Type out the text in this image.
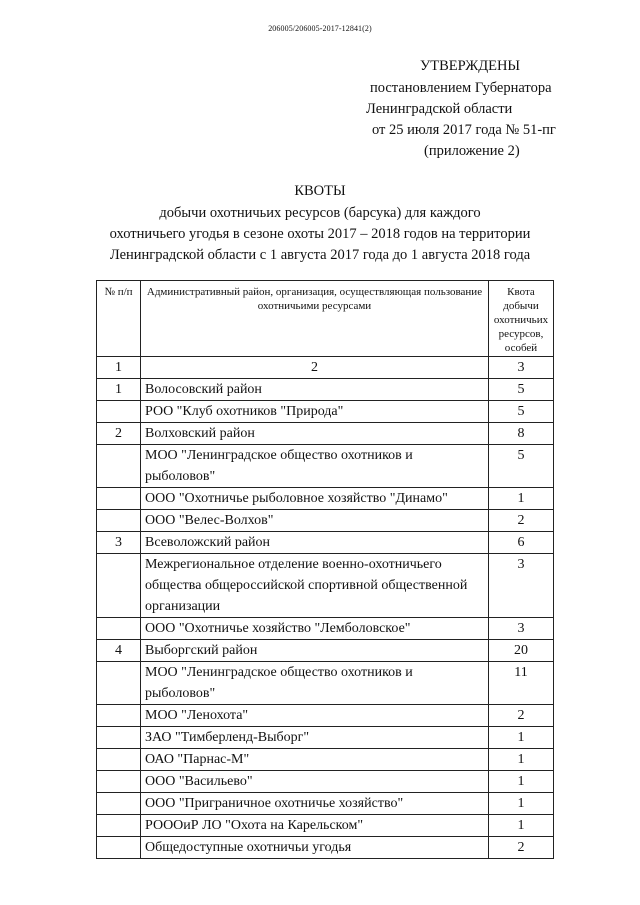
206005/206005-2017-12841(2)
УТВЕРЖДЕНЫ
постановлением Губернатора
Ленинградской области
от 25 июля 2017 года № 51-пг
(приложение 2)
КВОТЫ
добычи охотничьих ресурсов (барсука) для каждого
охотничьего угодья в сезоне охоты 2017 – 2018 годов на территории
Ленинградской области с 1 августа 2017 года до 1 августа 2018 года
№ п/п	Административный район, организация, осуществляющая пользование охотничьими ресурсами	Квота добычи охотничьих ресурсов, особей
1	2	3
1	Волосовский район	5
	РОО "Клуб охотников "Природа"	5
2	Волховский район	8
	МОО "Ленинградское общество охотников и рыболовов"	5
	ООО "Охотничье рыболовное хозяйство "Динамо"	1
	ООО "Велес-Волхов"	2
3	Всеволожский район	6
	Межрегиональное отделение военно-охотничьего общества общероссийской спортивной общественной организации	3
	ООО "Охотничье хозяйство "Лемболовское"	3
4	Выборгский район	20
	МОО "Ленинградское общество охотников и рыболовов"	11
	МОО "Ленохота"	2
	ЗАО "Тимберленд-Выборг"	1
	ОАО "Парнас-М"	1
	ООО "Васильево"	1
	ООО "Приграничное охотничье хозяйство"	1
	РОООиР ЛО "Охота на Карельском"	1
	Общедоступные охотничьи угодья	2
